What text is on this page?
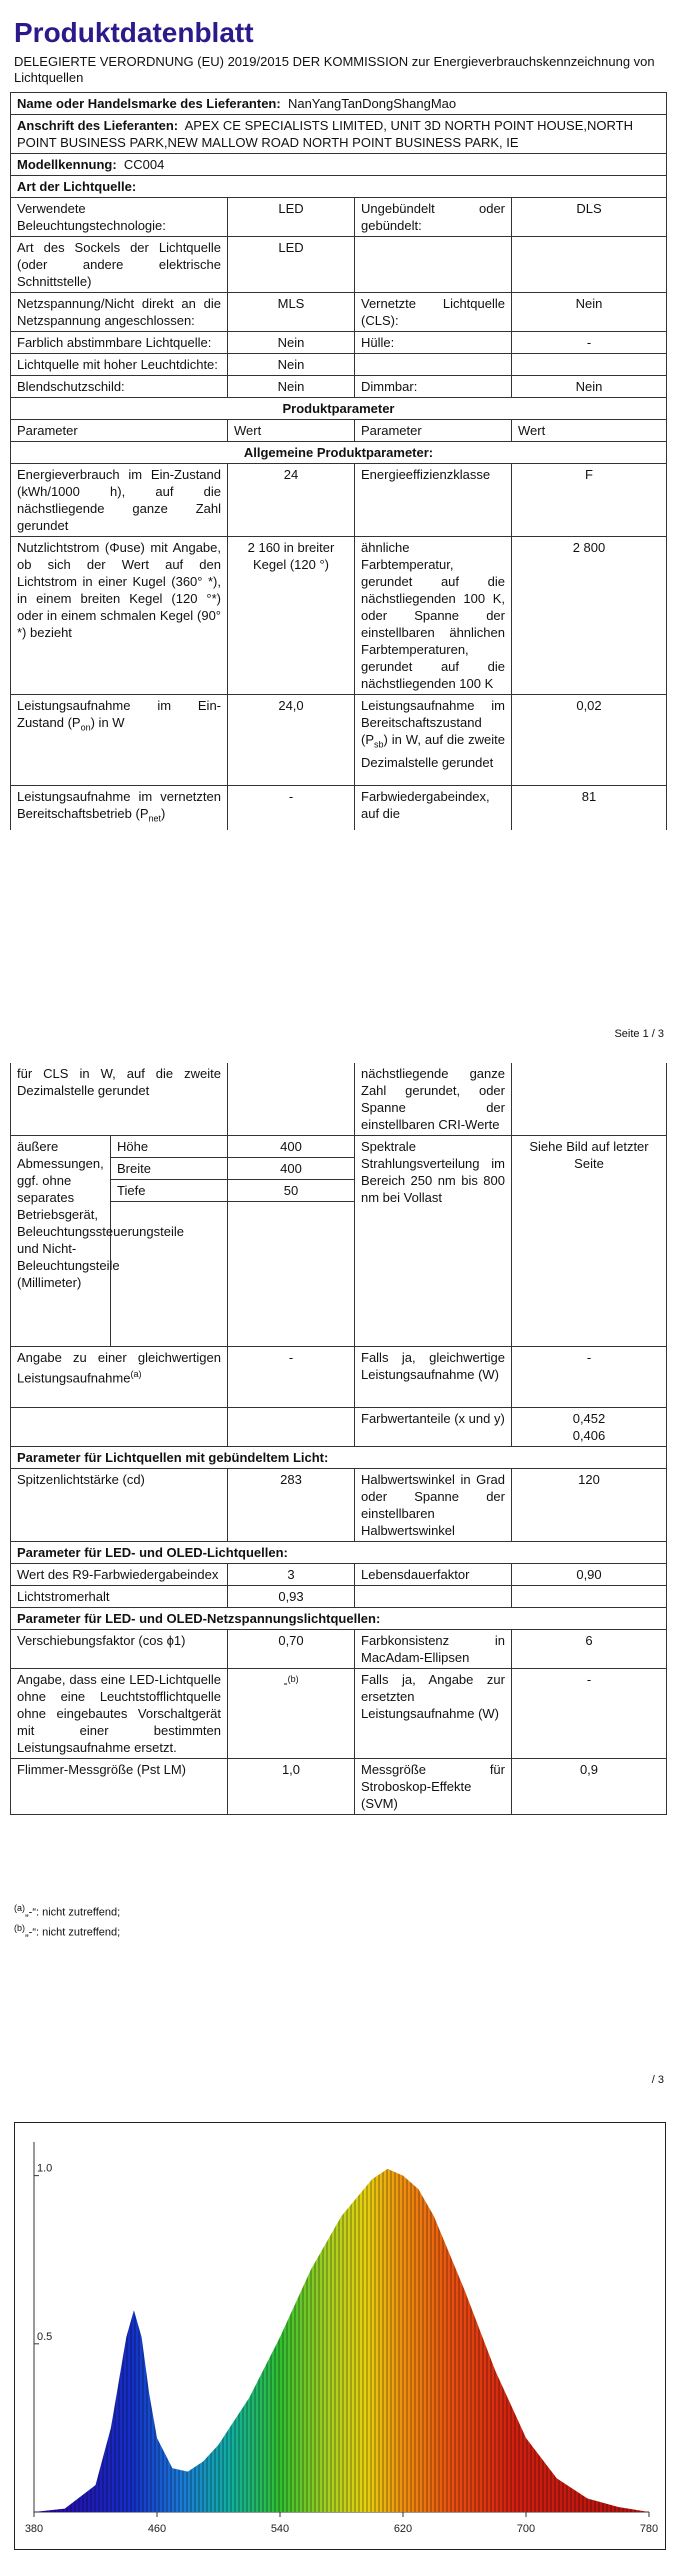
Produktdatenblatt
DELEGIERTE VERORDNUNG (EU) 2019/2015 DER KOMMISSION zur Energieverbrauchskennzeichnung von Lichtquellen
Name oder Handelsmarke des Lieferanten: NanYangTanDongShangMao			
Anschrift des Lieferanten: APEX CE SPECIALISTS LIMITED, UNIT 3D NORTH POINT HOUSE,NORTH POINT BUSINESS PARK,NEW MALLOW ROAD NORTH POINT BUSINESS PARK, IE			
Modellkennung: CC004			
Art der Lichtquelle:			
Verwendete Beleuchtungstechnologie:	LED	Ungebündelt oder gebündelt:	DLS
Art des Sockels der Lichtquelle (oder andere elektrische Schnittstelle)	LED		
Netzspannung/Nicht direkt an die Netzspannung angeschlossen:	MLS	Vernetzte Lichtquelle (CLS):	Nein
Farblich abstimmbare Lichtquelle:	Nein	Hülle:	-
Lichtquelle mit hoher Leuchtdichte:	Nein		
Blendschutzschild:	Nein	Dimmbar:	Nein
Produktparameter			
Parameter	Wert	Parameter	Wert
Allgemeine Produktparameter:			
Energieverbrauch im Ein-Zustand (kWh/1000 h), auf die nächstliegende ganze Zahl gerundet	24	Energieeffizienzklasse	F
Nutzlichtstrom (Φuse) mit Angabe, ob sich der Wert auf den Lichtstrom in einer Kugel (360° *), in einem breiten Kegel (120 °*) oder in einem schmalen Kegel (90° *) bezieht	2 160 in breiter Kegel (120 °)	ähnliche Farbtemperatur, gerundet auf die nächstliegenden 100 K, oder Spanne der einstellbaren ähnlichen Farbtemperaturen, gerundet auf die nächstliegenden 100 K	2 800
Leistungsaufnahme im Ein-Zustand $(P_{on})$ in W	24,0	Leistungsaufnahme im Bereitschaftszustand $(P_{sb})$ in W, auf die zweite Dezimalstelle gerundet	0,02
Leistungsaufnahme im vernetzten Bereitschaftsbetrieb $(P_{net})$	-	Farbwiedergabeindex, auf die	81
Seite 1 / 3
für CLS in W, auf die zweite Dezimalstelle gerundet			nächstliegende ganze Zahl gerundet, oder Spanne der einstellbaren CRI-Werte	
äußere Abmessungen, ggf. ohne separates Betriebsgerät, Beleuchtungssteuerungsteile und Nicht-Beleuchtungsteile (Millimeter)	Höhe	400	Spektrale Strahlungsverteilung im Bereich 250 nm bis 800 nm bei Vollast	Siehe Bild auf letzter Seite
	Breite	400		
	Tiefe	50		

Angabe zu einer gleichwertigen Leistungsaufnahme$^{(a)}$		-	Falls ja, gleichwertige Leistungsaufnahme (W)	-
			Farbwertanteile (x und y)	0,452
0,406
Parameter für Lichtquellen mit gebündeltem Licht:				
Spitzenlichtstärke (cd)		283	Halbwertswinkel in Grad oder Spanne der einstellbaren Halbwertswinkel	120
Parameter für LED- und OLED-Lichtquellen:				
Wert des R9-Farbwiedergabeindex		3	Lebensdauerfaktor	0,90
Lichtstromerhalt		0,93		
Parameter für LED- und OLED-Netzspannungslichtquellen:				
Verschiebungsfaktor (cos ϕ1)		0,70	Farbkonsistenz in MacAdam-Ellipsen	6
Angabe, dass eine LED-Lichtquelle ohne eine Leuchtstofflichtquelle ohne eingebautes Vorschaltgerät mit einer bestimmten Leistungsaufnahme ersetzt.		-$^{(b)}$	Falls ja, Angabe zur ersetzten Leistungsaufnahme (W)	-
Flimmer-Messgröße (Pst LM)		1,0	Messgröße für Stroboskop-Effekte (SVM)	0,9
$^{(a)}$„-“: nicht zutreffend;
$^{(b)}$„-“: nicht zutreffend;
/ 3
380	460	540	620	700	780
0.5
1.0
